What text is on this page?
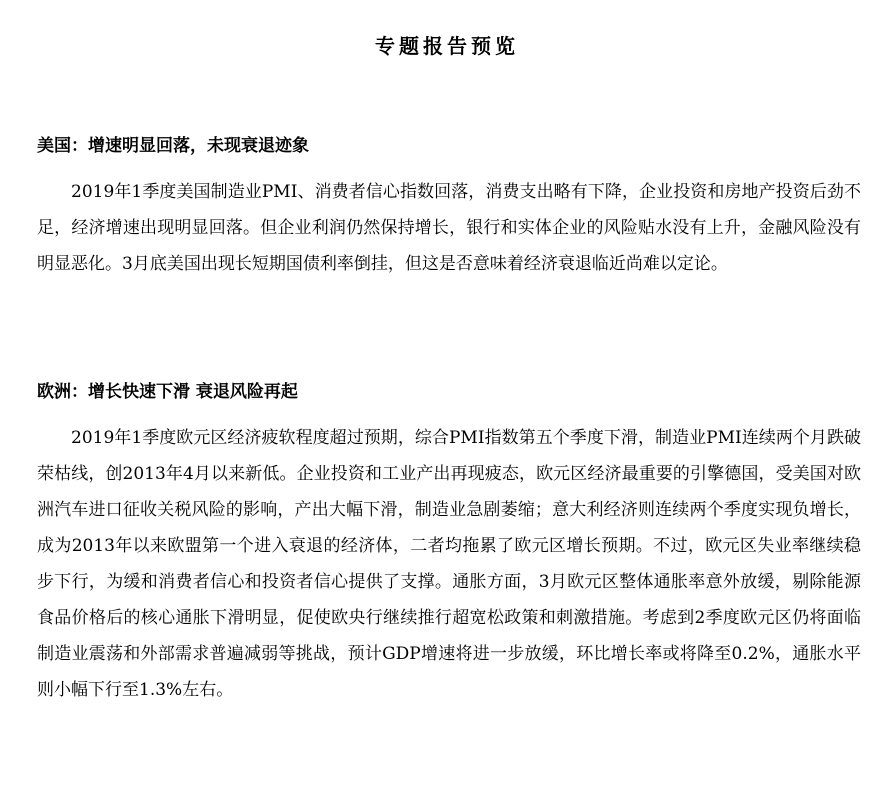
专题报告预览
美国：增速明显回落，未现衰退迹象

2019年1季度美国制造业PMI、消费者信心指数回落，消费支出略有下降，企业投资和房地产投资后劲不足，经济增速出现明显回落。但企业利润仍然保持增长，银行和实体企业的风险贴水没有上升，金融风险没有明显恶化。3月底美国出现长短期国债利率倒挂，但这是否意味着经济衰退临近尚难以定论。

欧洲：增长快速下滑 衰退风险再起

2019年1季度欧元区经济疲软程度超过预期，综合PMI指数第五个季度下滑，制造业PMI连续两个月跌破荣枯线，创2013年4月以来新低。企业投资和工业产出再现疲态，欧元区经济最重要的引擎德国，受美国对欧洲汽车进口征收关税风险的影响，产出大幅下滑，制造业急剧萎缩；意大利经济则连续两个季度实现负增长，成为2013年以来欧盟第一个进入衰退的经济体，二者均拖累了欧元区增长预期。不过，欧元区失业率继续稳步下行，为缓和消费者信心和投资者信心提供了支撑。通胀方面，3月欧元区整体通胀率意外放缓，剔除能源食品价格后的核心通胀下滑明显，促使欧央行继续推行超宽松政策和刺激措施。考虑到2季度欧元区仍将面临制造业震荡和外部需求普遍减弱等挑战，预计GDP增速将进一步放缓，环比增长率或将降至0.2%，通胀水平则小幅下行至1.3%左右。
